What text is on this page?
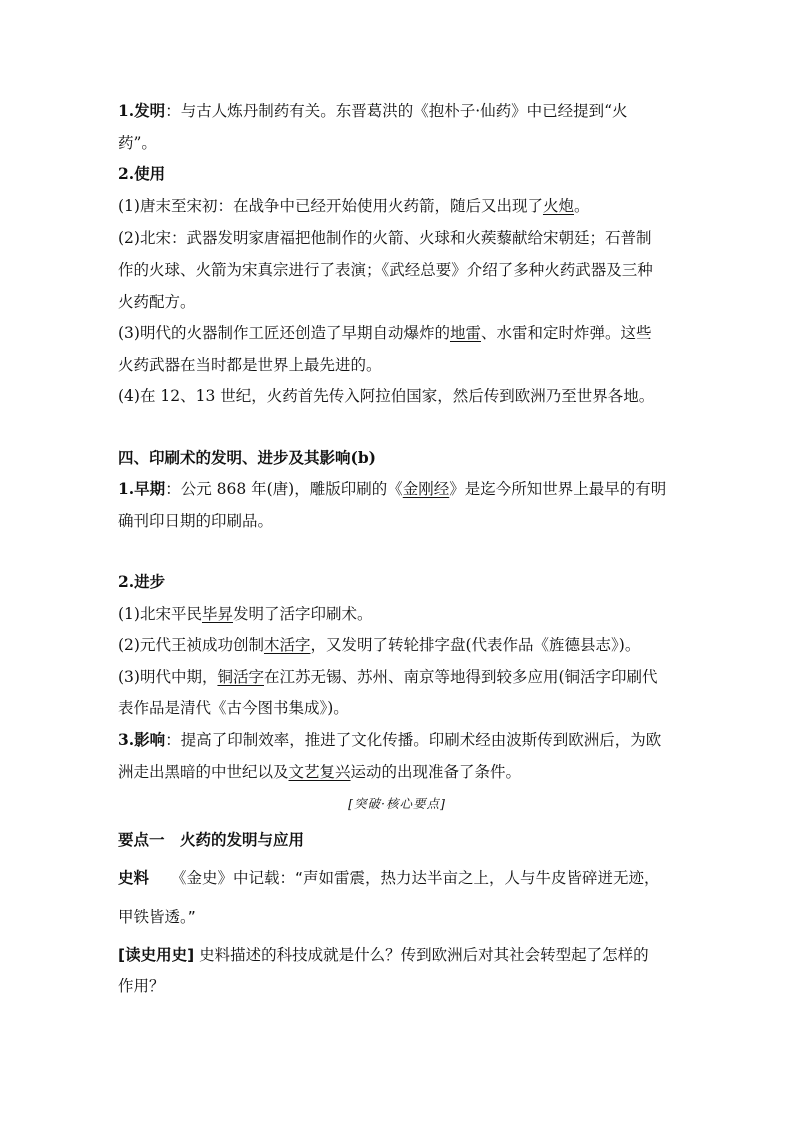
1.发明：与古人炼丹制药有关。东晋葛洪的《抱朴子·仙药》中已经提到“火
药”。
2.使用
(1)唐末至宋初：在战争中已经开始使用火药箭，随后又出现了火炮。
(2)北宋：武器发明家唐福把他制作的火箭、火球和火蒺藜献给宋朝廷；石普制
作的火球、火箭为宋真宗进行了表演；《武经总要》介绍了多种火药武器及三种
火药配方。
(3)明代的火器制作工匠还创造了早期自动爆炸的地雷、水雷和定时炸弹。这些
火药武器在当时都是世界上最先进的。
(4)在 12、13 世纪，火药首先传入阿拉伯国家，然后传到欧洲乃至世界各地。
四、印刷术的发明、进步及其影响(b)
1.早期：公元 868 年(唐)，雕版印刷的《金刚经》是迄今所知世界上最早的有明
确刊印日期的印刷品。
2.进步
(1)北宋平民毕昇发明了活字印刷术。
(2)元代王祯成功创制木活字，又发明了转轮排字盘(代表作品《旌德县志》)。
(3)明代中期，铜活字在江苏无锡、苏州、南京等地得到较多应用(铜活字印刷代
表作品是清代《古今图书集成》)。
3.影响：提高了印制效率，推进了文化传播。印刷术经由波斯传到欧洲后，为欧
洲走出黑暗的中世纪以及文艺复兴运动的出现准备了条件。
[突破·核心要点]
要点一　火药的发明与应用
史料 《金史》中记载：“声如雷震，热力达半亩之上，人与牛皮皆碎迸无迹，
甲铁皆透。”
[读史用史] 史料描述的科技成就是什么？传到欧洲后对其社会转型起了怎样的
作用？
